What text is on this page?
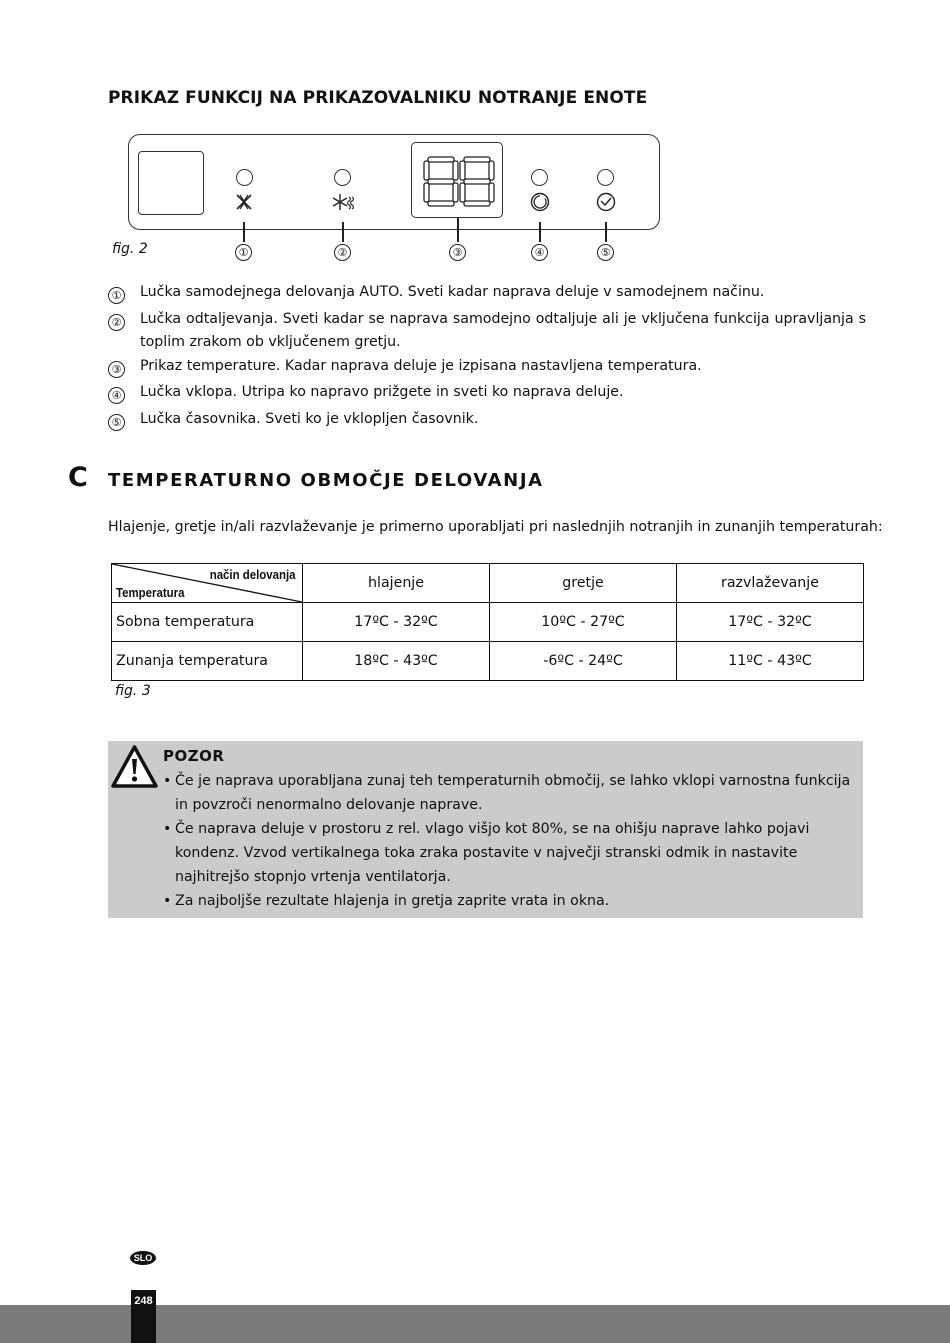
PRIKAZ FUNKCIJ NA PRIKAZOVALNIKU NOTRANJE ENOTE
①	②	③	④	⑤
fig. 2
①	Lučka samodejnega delovanja AUTO. Sveti kadar naprava deluje v samodejnem načinu.
②	Lučka odtaljevanja. Sveti kadar se naprava samodejno odtaljuje ali je vključena funkcija upravljanja s toplim zrakom ob vključenem gretju.
③	Prikaz temperature. Kadar naprava deluje je izpisana nastavljena temperatura.
④	Lučka vklopa. Utripa ko napravo prižgete in sveti ko naprava deluje.
⑤	Lučka časovnika. Sveti ko je vklopljen časovnik.
C TEMPERATURNO OBMOČJE DELOVANJA
Hlajenje, gretje in/ali razvlaževanje je primerno uporabljati pri naslednjih notranjih in zunanjih temperaturah:
način delovanja
Temperatura	hlajenje	gretje	razvlaževanje
Sobna temperatura	17ºC - 32ºC	10ºC - 27ºC	17ºC - 32ºC
Zunanja temperatura	18ºC - 43ºC	-6ºC - 24ºC	11ºC - 43ºC
fig. 3
POZOR
• Če je naprava uporabljana zunaj teh temperaturnih območij, se lahko vklopi varnostna funkcija in povzroči nenormalno delovanje naprave.
• Če naprava deluje v prostoru z rel. vlago višjo kot 80%, se na ohišju naprave lahko pojavi kondenz. Vzvod vertikalnega toka zraka postavite v največji stranski odmik in nastavite najhitrejšo stopnjo vrtenja ventilatorja.
• Za najboljše rezultate hlajenja in gretja zaprite vrata in okna.
SLO
248
